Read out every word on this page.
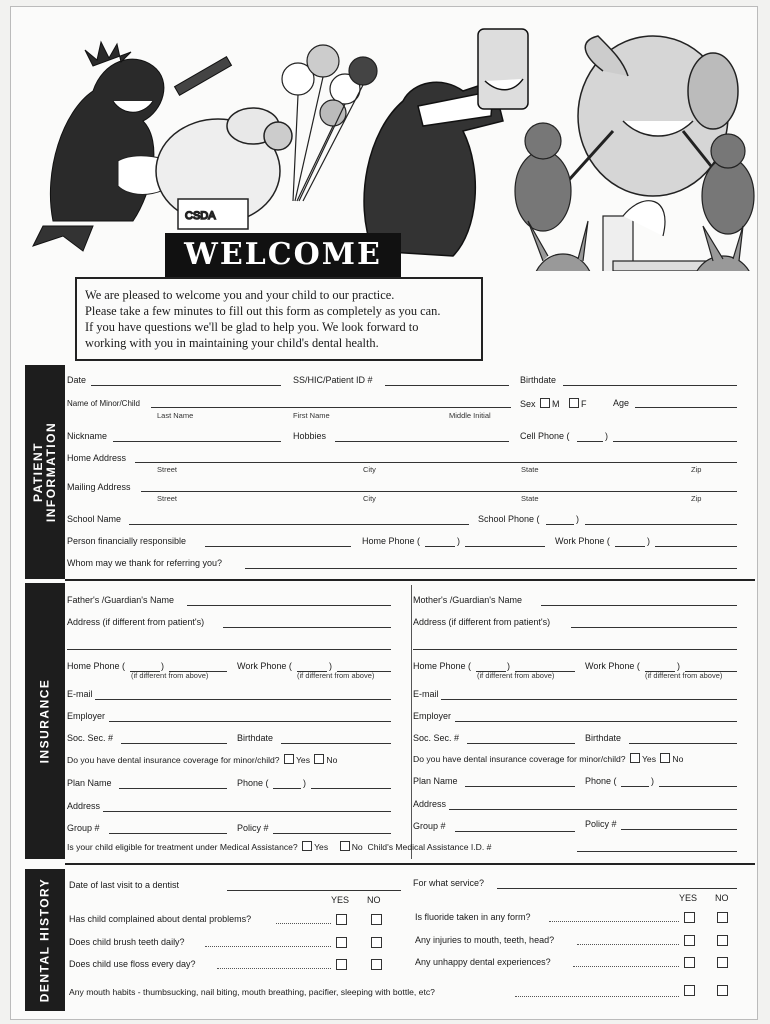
CSDA
WELCOME
We are pleased to welcome you and your child to our practice.
Please take a few minutes to fill out this form as completely as you can.
If you have questions we'll be glad to help you. We look forward to
working with you in maintaining your child's dental health.
PATIENT INFORMATION
INSURANCE
DENTAL HISTORY
Date	SS/HIC/Patient ID #	Birthdate
Name of Minor/Child
Last Name	First Name	Middle Initial
Sex M F	Age
Nickname	Hobbies	Cell Phone (	)
Home Address
Street	City	State	Zip
Mailing Address
Street	City	State	Zip
School Name	School Phone (	)
Person financially responsible	Home Phone (	)	Work Phone (	)
Whom may we thank for referring you?
Father's /Guardian's Name
Address (if different from patient's)
Home Phone (	)
(if different from above)
Work Phone (	)
(if different from above)
E-mail
Employer
Soc. Sec. #	Birthdate
Do you have dental insurance coverage for minor/child? Yes No
Plan Name	Phone (	)
Address
Group #	Policy #
Mother's /Guardian's Name
Address (if different from patient's)
Home Phone (	)
(if different from above)
Work Phone (	)
(if different from above)
E-mail
Employer
Soc. Sec. #	Birthdate
Do you have dental insurance coverage for minor/child? Yes No
Plan Name	Phone (	)
Address
Group #	Policy #
Is your child eligible for treatment under Medical Assistance? Yes	No Child's Medical Assistance I.D. #
Date of last visit to a dentist	For what service?
YES NO	YES NO
Has child complained about dental problems?
Does child brush teeth daily?
Does child use floss every day?
Is fluoride taken in any form?
Any injuries to mouth, teeth, head?
Any unhappy dental experiences?
Any mouth habits - thumbsucking, nail biting, mouth breathing, pacifier, sleeping with bottle, etc?
